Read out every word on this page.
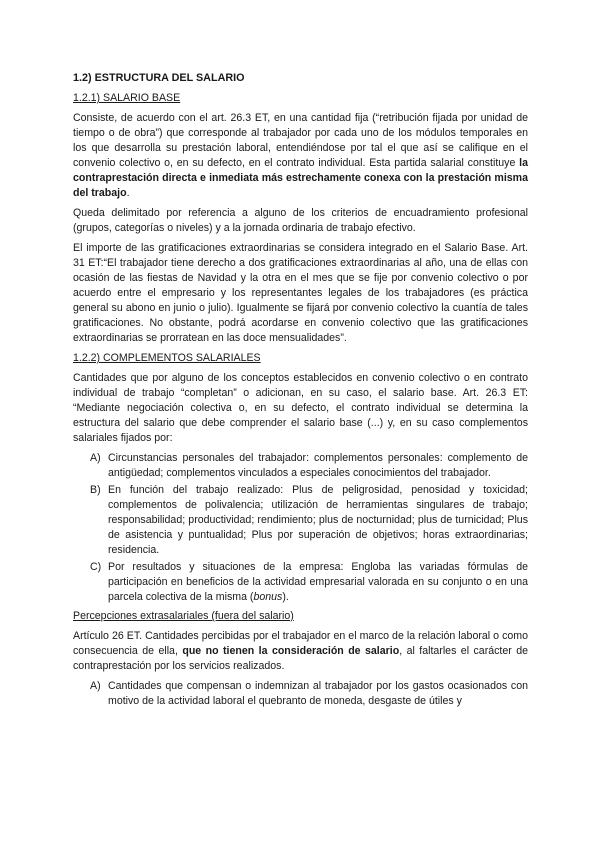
1.2) ESTRUCTURA DEL SALARIO
1.2.1) SALARIO BASE

Consiste, de acuerdo con el art. 26.3 ET, en una cantidad fija (“retribución fijada por unidad de tiempo o de obra”) que corresponde al trabajador por cada uno de los módulos temporales en los que desarrolla su prestación laboral, entendiéndose por tal el que así se califique en el convenio colectivo o, en su defecto, en el contrato individual. Esta partida salarial constituye la contraprestación directa e inmediata más estrechamente conexa con la prestación misma del trabajo.

Queda delimitado por referencia a alguno de los criterios de encuadramiento profesional (grupos, categorías o niveles) y a la jornada ordinaria de trabajo efectivo.

El importe de las gratificaciones extraordinarias se considera integrado en el Salario Base. Art. 31 ET:“El trabajador tiene derecho a dos gratificaciones extraordinarias al año, una de ellas con ocasión de las fiestas de Navidad y la otra en el mes que se fije por convenio colectivo o por acuerdo entre el empresario y los representantes legales de los trabajadores (es práctica general su abono en junio o julio). Igualmente se fijará por convenio colectivo la cuantía de tales gratificaciones. No obstante, podrá acordarse en convenio colectivo que las gratificaciones extraordinarias se prorratean en las doce mensualidades”.

1.2.2) COMPLEMENTOS SALARIALES

Cantidades que por alguno de los conceptos establecidos en convenio colectivo o en contrato individual de trabajo “completan” o adicionan, en su caso, el salario base. Art. 26.3 ET: “Mediante negociación colectiva o, en su defecto, el contrato individual se determina la estructura del salario que debe comprender el salario base (...) y, en su caso complementos salariales fijados por:

A) Circunstancias personales del trabajador: complementos personales: complemento de antigüedad; complementos vinculados a especiales conocimientos del trabajador.
B) En función del trabajo realizado: Plus de peligrosidad, penosidad y toxicidad; complementos de polivalencia; utilización de herramientas singulares de trabajo; responsabilidad; productividad; rendimiento; plus de nocturnidad; plus de turnicidad; Plus de asistencia y puntualidad; Plus por superación de objetivos; horas extraordinarias; residencia.
C) Por resultados y situaciones de la empresa: Engloba las variadas fórmulas de participación en beneficios de la actividad empresarial valorada en su conjunto o en una parcela colectiva de la misma (bonus).
Percepciones extrasalariales (fuera del salario)

Artículo 26 ET. Cantidades percibidas por el trabajador en el marco de la relación laboral o como consecuencia de ella, que no tienen la consideración de salario, al faltarles el carácter de contraprestación por los servicios realizados.

A) Cantidades que compensan o indemnizan al trabajador por los gastos ocasionados con motivo de la actividad laboral el quebranto de moneda, desgaste de útiles y
